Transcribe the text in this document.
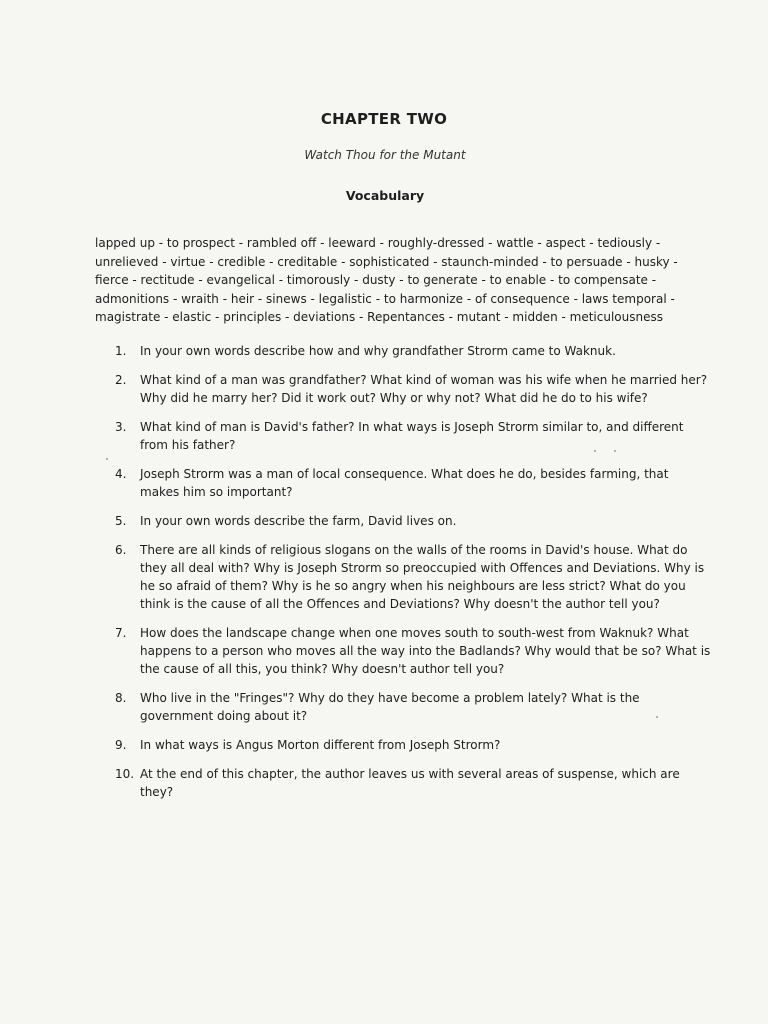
CHAPTER TWO
Watch Thou for the Mutant
Vocabulary
lapped up - to prospect - rambled off - leeward - roughly-dressed - wattle - aspect - tediously -
unrelieved - virtue - credible - creditable - sophisticated - staunch-minded - to persuade - husky -
fierce - rectitude - evangelical - timorously - dusty - to generate - to enable - to compensate -
admonitions - wraith - heir - sinews - legalistic - to harmonize - of consequence - laws temporal -
magistrate - elastic - principles - deviations - Repentances - mutant - midden - meticulousness
1.	In your own words describe how and why grandfather Strorm came to Waknuk.
2.	What kind of a man was grandfather? What kind of woman was his wife when he married her?
Why did he marry her? Did it work out? Why or why not? What did he do to his wife?
3.	What kind of man is David's father? In what ways is Joseph Strorm similar to, and different
from his father?
4.	Joseph Strorm was a man of local consequence. What does he do, besides farming, that
makes him so important?
5.	In your own words describe the farm, David lives on.
6.	There are all kinds of religious slogans on the walls of the rooms in David's house. What do
they all deal with? Why is Joseph Strorm so preoccupied with Offences and Deviations. Why is
he so afraid of them? Why is he so angry when his neighbours are less strict? What do you
think is the cause of all the Offences and Deviations? Why doesn't the author tell you?
7.	How does the landscape change when one moves south to south-west from Waknuk? What
happens to a person who moves all the way into the Badlands? Why would that be so? What is
the cause of all this, you think? Why doesn't author tell you?
8.	Who live in the "Fringes"? Why do they have become a problem lately? What is the
government doing about it?
9.	In what ways is Angus Morton different from Joseph Strorm?
10. At the end of this chapter, the author leaves us with several areas of suspense, which are
they?
